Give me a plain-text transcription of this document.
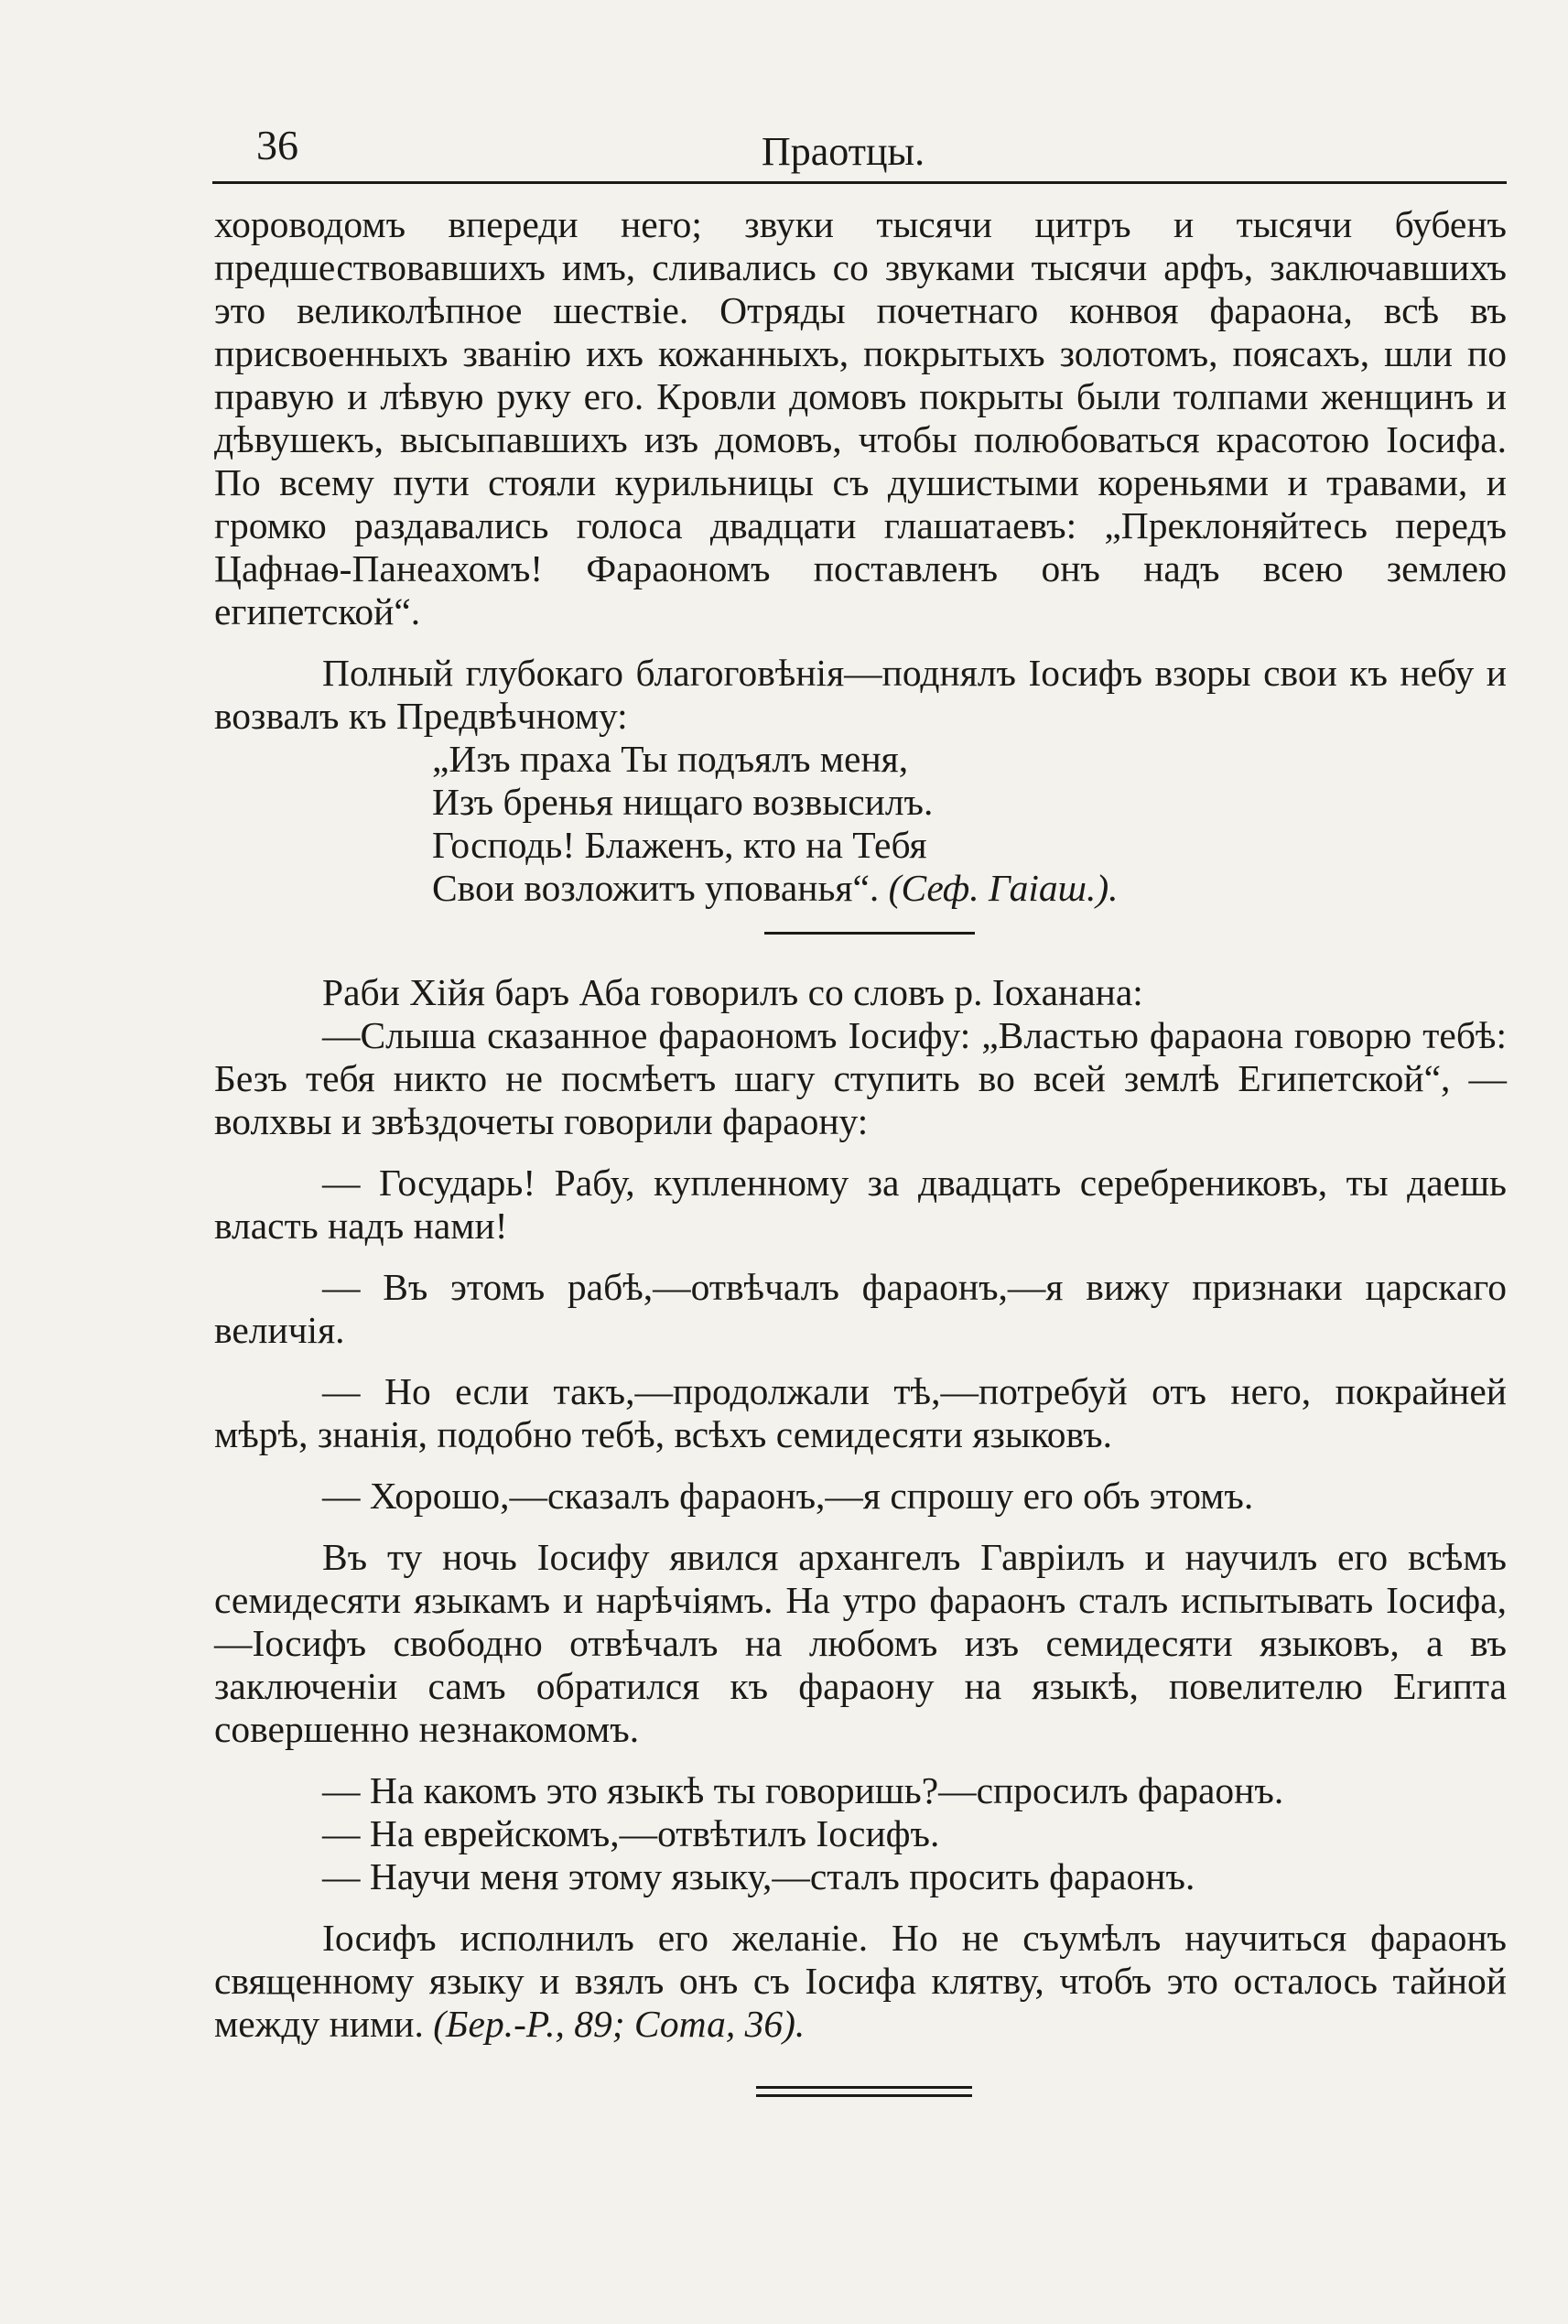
36	Праотцы.

хороводомъ впереди него; звуки тысячи цитръ и тысячи бубенъ предшествовавшихъ имъ, сливались со звуками тысячи арфъ, заключавшихъ это великолѣпное шествіе. Отряды почетнаго конвоя фараона, всѣ въ присвоенныхъ званію ихъ кожанныхъ, покрытыхъ золотомъ, поясахъ, шли по правую и лѣвую руку его. Кровли домовъ покрыты были толпами женщинъ и дѣвушекъ, высыпавшихъ изъ домовъ, чтобы полюбоваться красотою Іосифа. По всему пути стояли курильницы съ душистыми кореньями и травами, и громко раздавались голоса двадцати глашатаевъ: „Преклоняйтесь передъ Цафнаѳ-Панеахомъ! Фараономъ поставленъ онъ надъ всею землею египетской“.

Полный глубокаго благоговѣнія—поднялъ Іосифъ взоры свои къ небу и возвалъ къ Предвѣчному:

„Изъ праха Ты подъялъ меня,
Изъ бренья нищаго возвысилъ.
Господь! Блаженъ, кто на Тебя
Свои возложитъ упованья“. (Сеф. Гаіаш.).

Раби Хійя баръ Аба говорилъ со словъ р. Іоханана:

—Слыша сказанное фараономъ Іосифу: „Властью фараона говорю тебѣ: Безъ тебя никто не посмѣетъ шагу ступить во всей землѣ Египетской“, — волхвы и звѣздочеты говорили фараону:

— Государь! Рабу, купленному за двадцать серебрениковъ, ты даешь власть надъ нами!

— Въ этомъ рабѣ,—отвѣчалъ фараонъ,—я вижу признаки царскаго величія.

— Но если такъ,—продолжали тѣ,—потребуй отъ него, покрайней мѣрѣ, знанія, подобно тебѣ, всѣхъ семидесяти языковъ.

— Хорошо,—сказалъ фараонъ,—я спрошу его объ этомъ.

Въ ту ночь Іосифу явился архангелъ Гавріилъ и научилъ его всѣмъ семидесяти языкамъ и нарѣчіямъ. На утро фараонъ сталъ испытывать Іосифа,—Іосифъ свободно отвѣчалъ на любомъ изъ семидесяти языковъ, а въ заключеніи самъ обратился къ фараону на языкѣ, повелителю Египта совершенно незнакомомъ.

— На какомъ это языкѣ ты говоришь?—спросилъ фараонъ.

— На еврейскомъ,—отвѣтилъ Іосифъ.

— Научи меня этому языку,—сталъ просить фараонъ.

Іосифъ исполнилъ его желаніе. Но не съумѣлъ научиться фараонъ священному языку и взялъ онъ съ Іосифа клятву, чтобъ это осталось тайной между ними. (Бер.-Р., 89; Сота, 36).
